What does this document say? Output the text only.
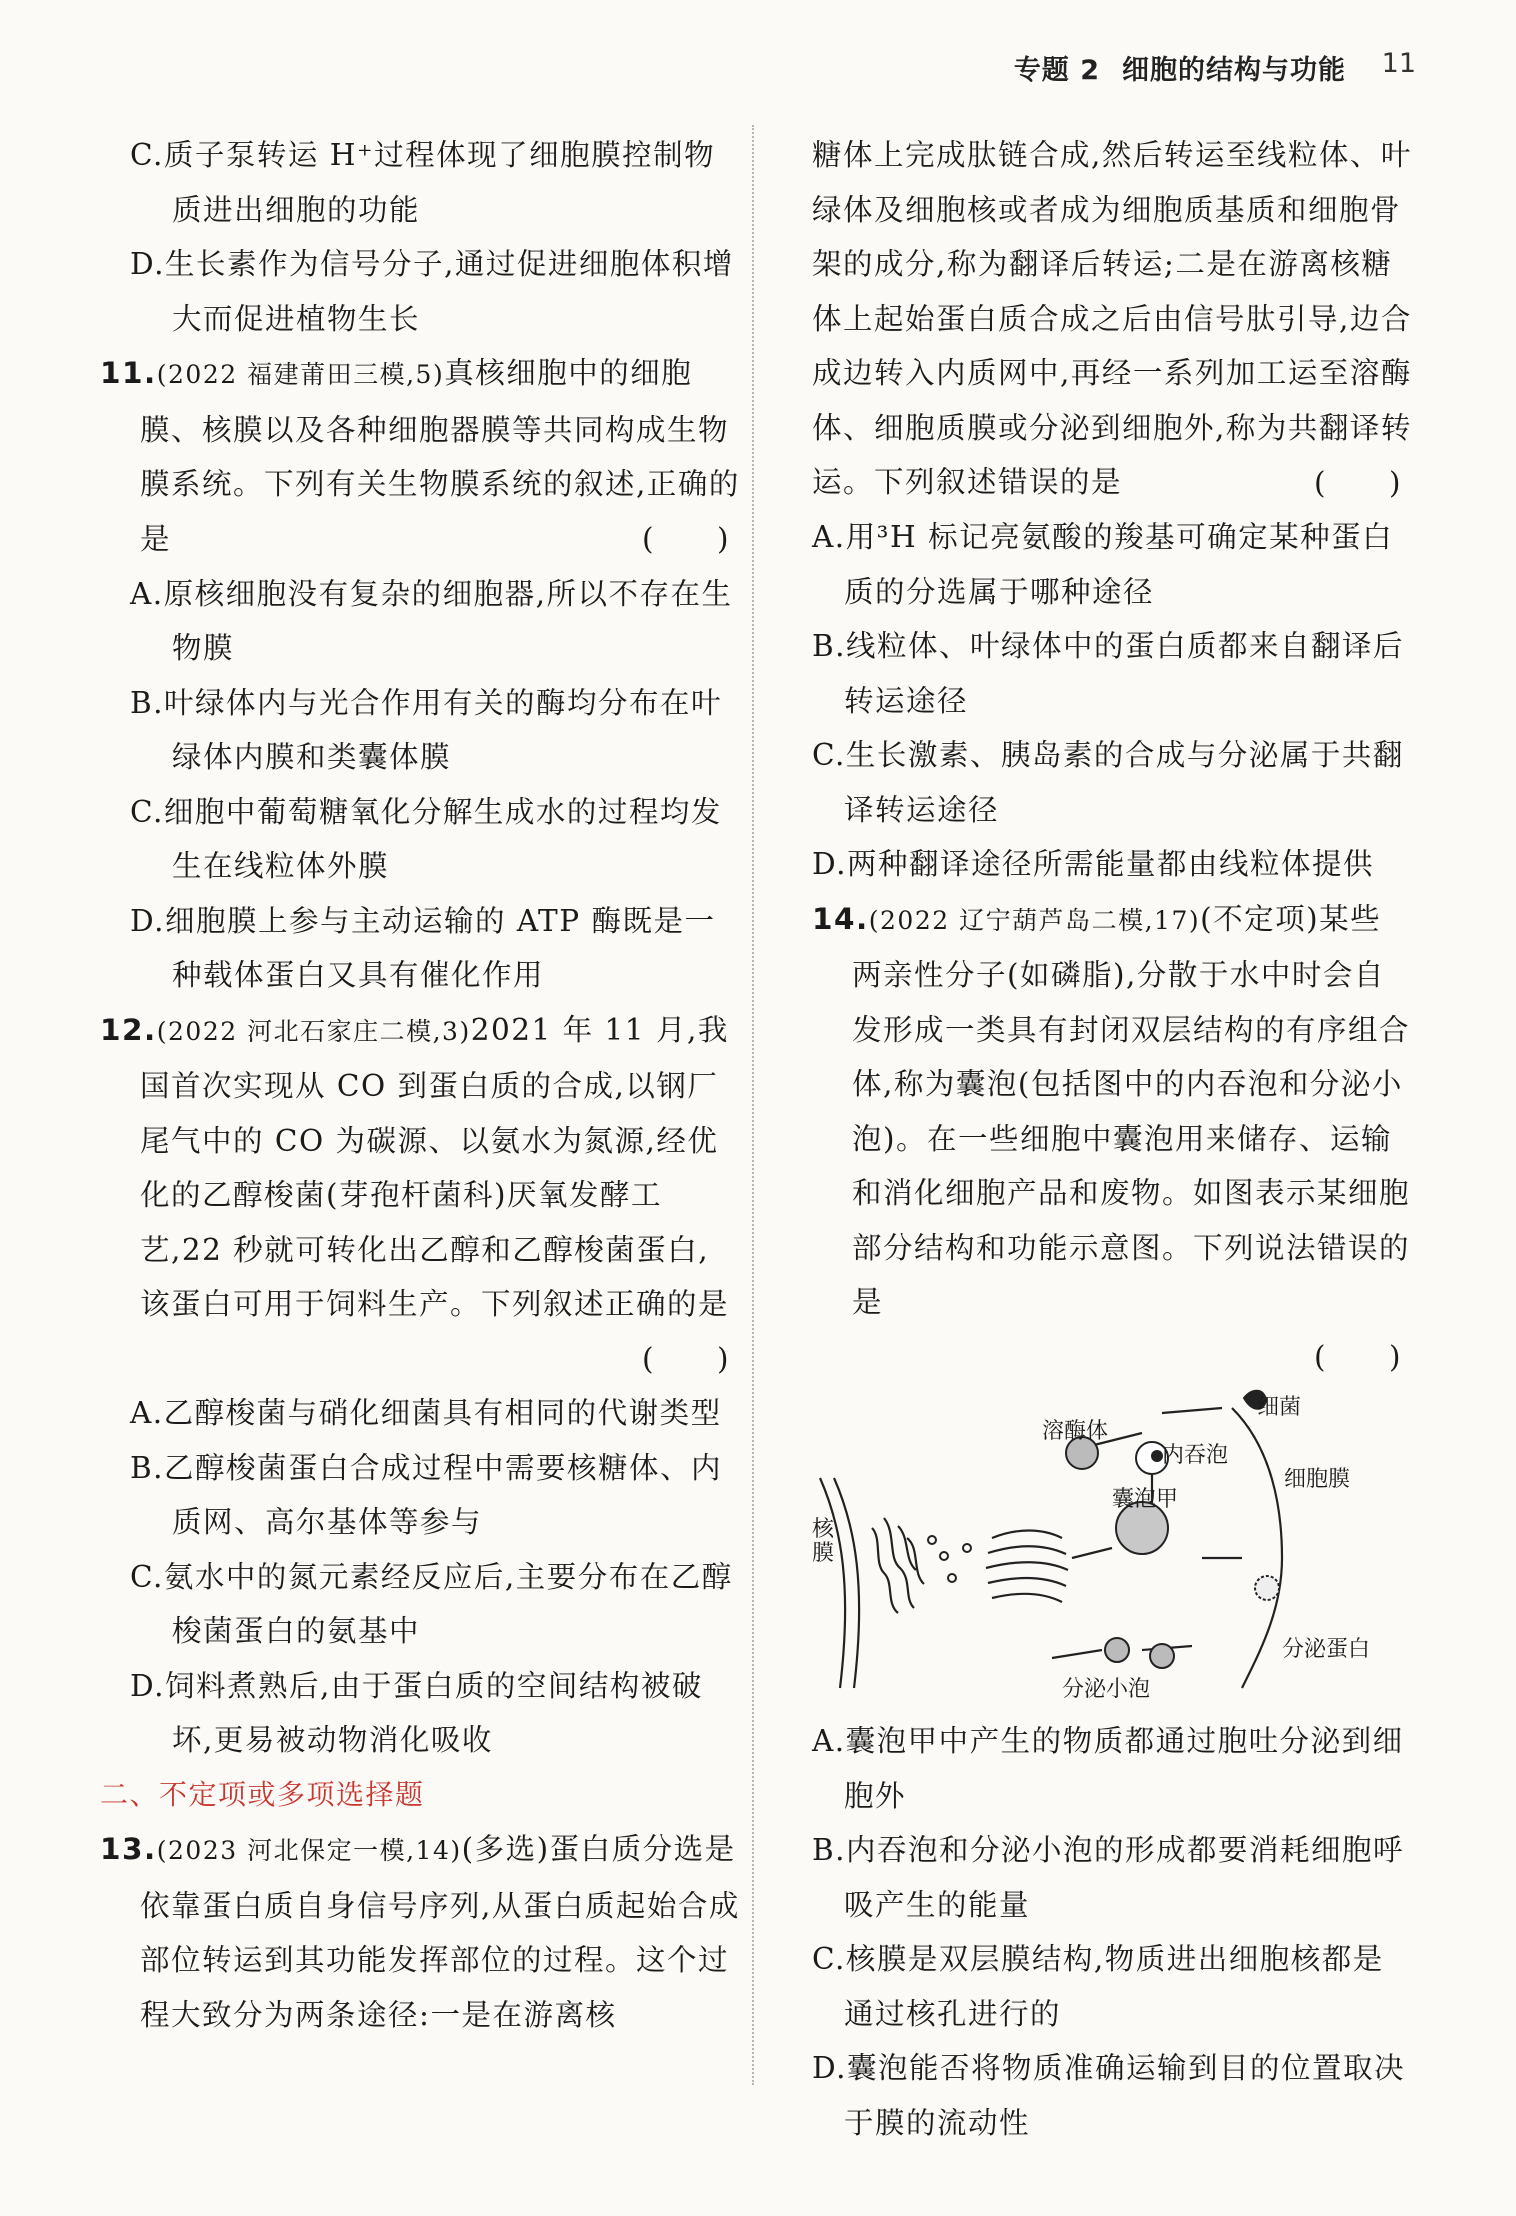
专题 2 细胞的结构与功能 11

C.质子泵转运 H⁺过程体现了细胞膜控制物质进出细胞的功能

D.生长素作为信号分子,通过促进细胞体积增大而促进植物生长

11.(2022 福建莆田三模,5)真核细胞中的细胞膜、核膜以及各种细胞器膜等共同构成生物膜系统。下列有关生物膜系统的叙述,正确的是	(　　)

A.原核细胞没有复杂的细胞器,所以不存在生物膜

B.叶绿体内与光合作用有关的酶均分布在叶绿体内膜和类囊体膜

C.细胞中葡萄糖氧化分解生成水的过程均发生在线粒体外膜

D.细胞膜上参与主动运输的 ATP 酶既是一种载体蛋白又具有催化作用

12.(2022 河北石家庄二模,3)2021 年 11 月,我国首次实现从 CO 到蛋白质的合成,以钢厂尾气中的 CO 为碳源、以氨水为氮源,经优化的乙醇梭菌(芽孢杆菌科)厌氧发酵工艺,22 秒就可转化出乙醇和乙醇梭菌蛋白,该蛋白可用于饲料生产。下列叙述正确的是

(　　)

A.乙醇梭菌与硝化细菌具有相同的代谢类型

B.乙醇梭菌蛋白合成过程中需要核糖体、内质网、高尔基体等参与

C.氨水中的氮元素经反应后,主要分布在乙醇梭菌蛋白的氨基中

D.饲料煮熟后,由于蛋白质的空间结构被破坏,更易被动物消化吸收

二、不定项或多项选择题

13.(2023 河北保定一模,14)(多选)蛋白质分选是依靠蛋白质自身信号序列,从蛋白质起始合成部位转运到其功能发挥部位的过程。这个过程大致分为两条途径:一是在游离核

糖体上完成肽链合成,然后转运至线粒体、叶绿体及细胞核或者成为细胞质基质和细胞骨架的成分,称为翻译后转运;二是在游离核糖体上起始蛋白质合成之后由信号肽引导,边合成边转入内质网中,再经一系列加工运至溶酶体、细胞质膜或分泌到细胞外,称为共翻译转运。下列叙述错误的是	(　　)

A.用³H 标记亮氨酸的羧基可确定某种蛋白质的分选属于哪种途径

B.线粒体、叶绿体中的蛋白质都来自翻译后转运途径

C.生长激素、胰岛素的合成与分泌属于共翻译转运途径

D.两种翻译途径所需能量都由线粒体提供

14.(2022 辽宁葫芦岛二模,17)(不定项)某些两亲性分子(如磷脂),分散于水中时会自发形成一类具有封闭双层结构的有序组合体,称为囊泡(包括图中的内吞泡和分泌小泡)。在一些细胞中囊泡用来储存、运输和消化细胞产品和废物。如图表示某细胞部分结构和功能示意图。下列说法错误的是

(　　)
细菌
溶酶体
内吞泡
细胞膜
囊泡甲
核
膜
分泌蛋白
分泌小泡

A.囊泡甲中产生的物质都通过胞吐分泌到细胞外

B.内吞泡和分泌小泡的形成都要消耗细胞呼吸产生的能量

C.核膜是双层膜结构,物质进出细胞核都是通过核孔进行的

D.囊泡能否将物质准确运输到目的位置取决于膜的流动性
